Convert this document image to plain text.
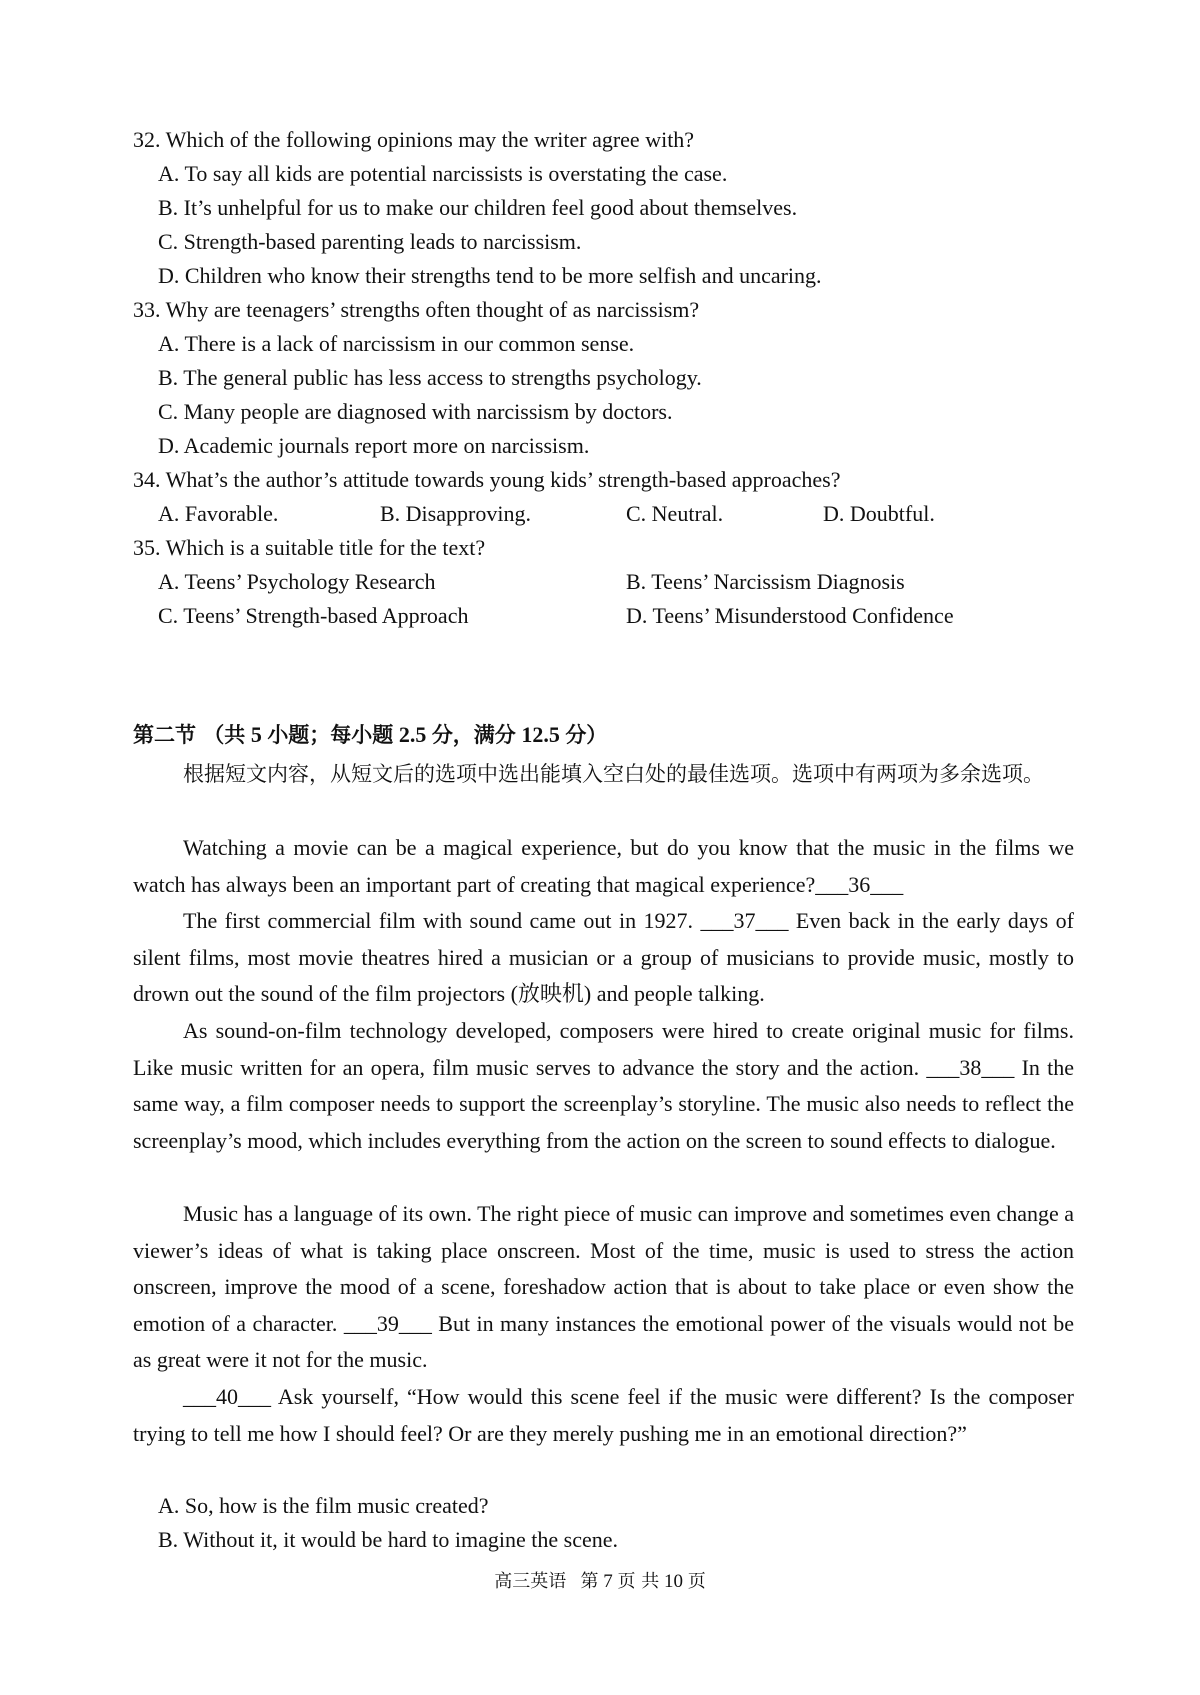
32. Which of the following opinions may the writer agree with?
A. To say all kids are potential narcissists is overstating the case.
B. It’s unhelpful for us to make our children feel good about themselves.
C. Strength-based parenting leads to narcissism.
D. Children who know their strengths tend to be more selfish and uncaring.
33. Why are teenagers’ strengths often thought of as narcissism?
A. There is a lack of narcissism in our common sense.
B. The general public has less access to strengths psychology.
C. Many people are diagnosed with narcissism by doctors.
D. Academic journals report more on narcissism.
34. What’s the author’s attitude towards young kids’ strength-based approaches?
A. Favorable.	B. Disapproving.	C. Neutral.	D. Doubtful.
35. Which is a suitable title for the text?
A. Teens’ Psychology Research	B. Teens’ Narcissism Diagnosis
C. Teens’ Strength-based Approach	D. Teens’ Misunderstood Confidence
第二节 （共 5 小题；每小题 2.5 分，满分 12.5 分）
根据短文内容，从短文后的选项中选出能填入空白处的最佳选项。选项中有两项为多余选项。
Watching a movie can be a magical experience, but do you know that the music in the films we watch has always been an important part of creating that magical experience?___36___
The first commercial film with sound came out in 1927. ___37___ Even back in the early days of silent films, most movie theatres hired a musician or a group of musicians to provide music, mostly to drown out the sound of the film projectors (放映机) and people talking.
As sound-on-film technology developed, composers were hired to create original music for films. Like music written for an opera, film music serves to advance the story and the action. ___38___ In the same way, a film composer needs to support the screenplay’s storyline. The music also needs to reflect the screenplay’s mood, which includes everything from the action on the screen to sound effects to dialogue.
Music has a language of its own. The right piece of music can improve and sometimes even change a viewer’s ideas of what is taking place onscreen. Most of the time, music is used to stress the action onscreen, improve the mood of a scene, foreshadow action that is about to take place or even show the emotion of a character. ___39___ But in many instances the emotional power of the visuals would not be as great were it not for the music.
___40___ Ask yourself, “How would this scene feel if the music were different? Is the composer trying to tell me how I should feel? Or are they merely pushing me in an emotional direction?”
A. So, how is the film music created?
B. Without it, it would be hard to imagine the scene.
高三英语 第 7 页 共 10 页
